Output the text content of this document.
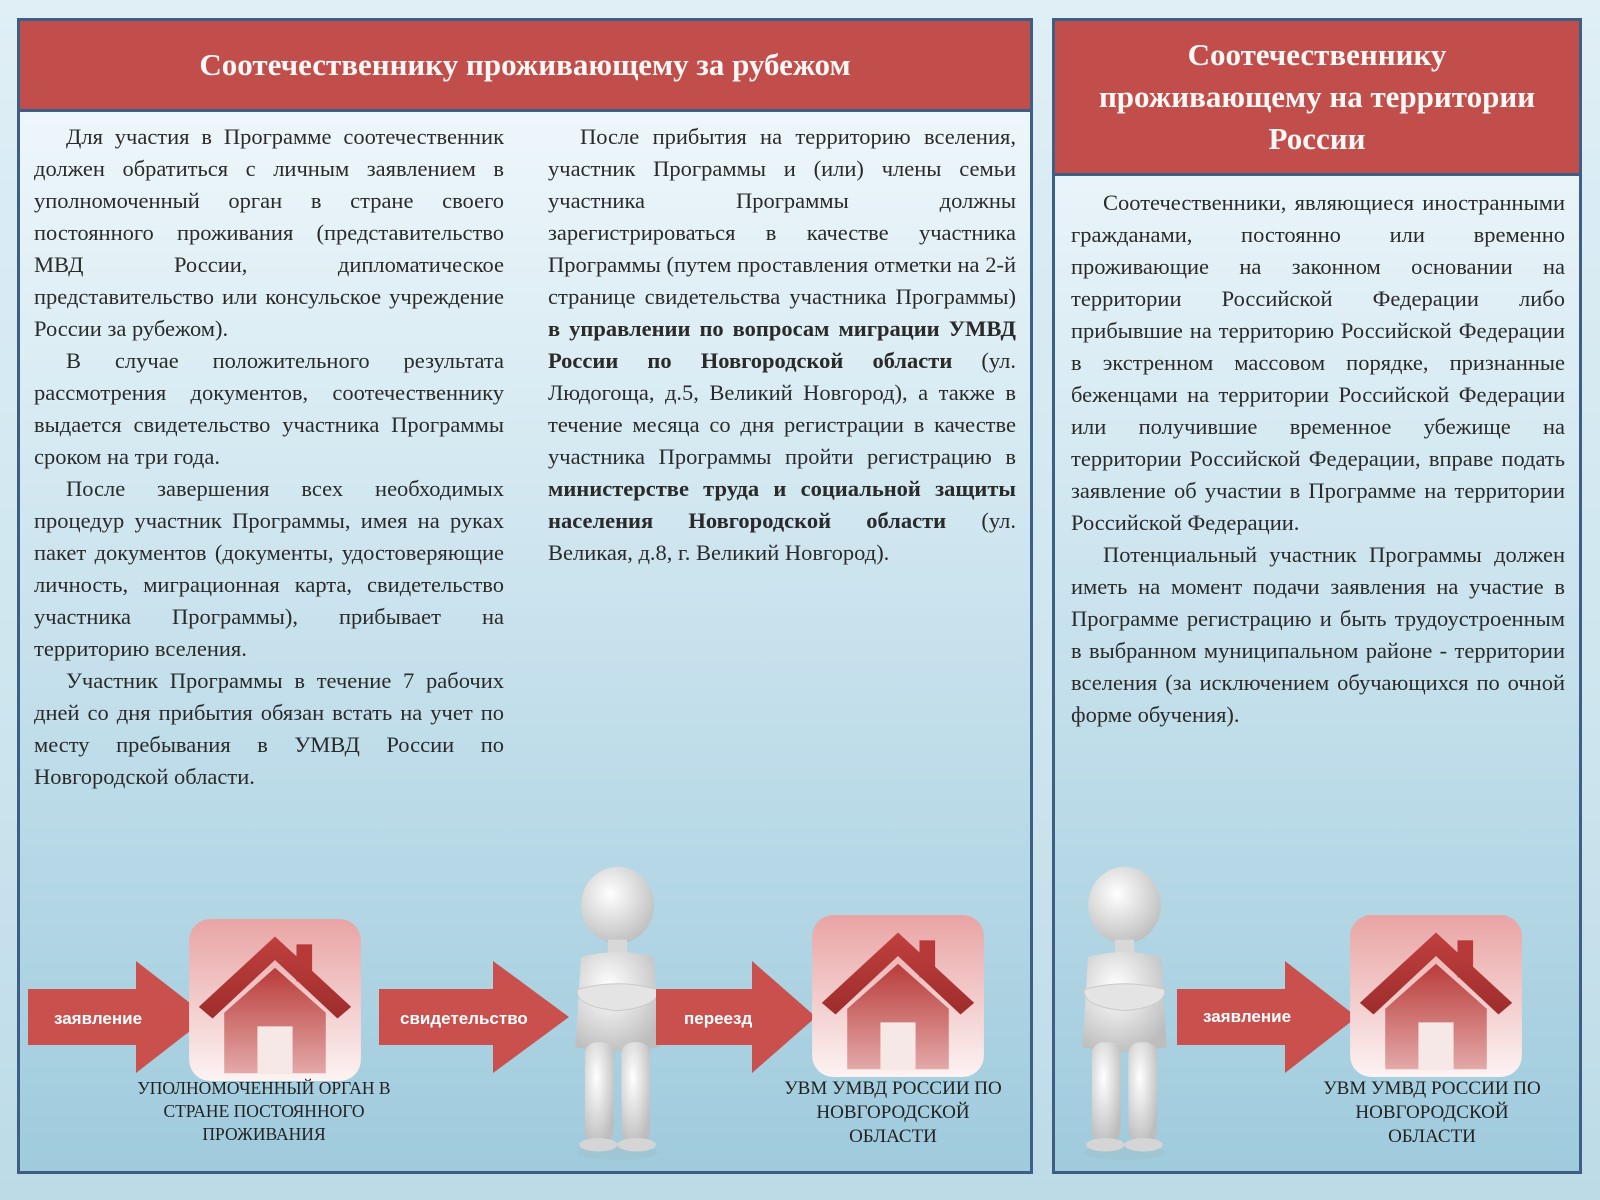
Соотечественнику проживающему за рубежом

Для участия в Программе соотечественник должен обратиться с личным заявлением в уполномоченный орган в стране своего постоянного проживания (представительство МВД России, дипломатическое представительство или консульское учреждение России за рубежом).

В случае положительного результата рассмотрения документов, соотечественнику выдается свидетельство участника Программы сроком на три года.

После завершения всех необходимых процедур участник Программы, имея на руках пакет документов (документы, удостоверяющие личность, миграционная карта, свидетельство участника Программы), прибывает на территорию вселения.

Участник Программы в течение 7 рабочих дней со дня прибытия обязан встать на учет по месту пребывания в УМВД России по Новгородской области.

После прибытия на территорию вселения, участник Программы и (или) члены семьи участника Программы должны зарегистрироваться в качестве участника Программы (путем проставления отметки на 2-й странице свидетельства участника Программы) в управлении по вопросам миграции УМВД России по Новгородской области (ул. Людогоща, д.5, Великий Новгород), а также в течение месяца со дня регистрации в качестве участника Программы пройти регистрацию в министерстве труда и социальной защиты населения Новгородской области (ул. Великая, д.8, г. Великий Новгород).

заявление	свидетельство	переезд
УПОЛНОМОЧЕННЫЙ ОРГАН В СТРАНЕ ПОСТОЯННОГО ПРОЖИВАНИЯ
УВМ УМВД РОССИИ ПО НОВГОРОДСКОЙ ОБЛАСТИ
Соотечественнику проживающему на территории России

Соотечественники, являющиеся иностранными гражданами, постоянно или временно проживающие на законном основании на территории Российской Федерации либо прибывшие на территорию Российской Федерации в экстренном массовом порядке, признанные беженцами на территории Российской Федерации или получившие временное убежище на территории Российской Федерации, вправе подать заявление об участии в Программе на территории Российской Федерации.

Потенциальный участник Программы должен иметь на момент подачи заявления на участие в Программе регистрацию и быть трудоустроенным в выбранном муниципальном районе - территории вселения (за исключением обучающихся по очной форме обучения).

заявление
УВМ УМВД РОССИИ ПО НОВГОРОДСКОЙ ОБЛАСТИ
